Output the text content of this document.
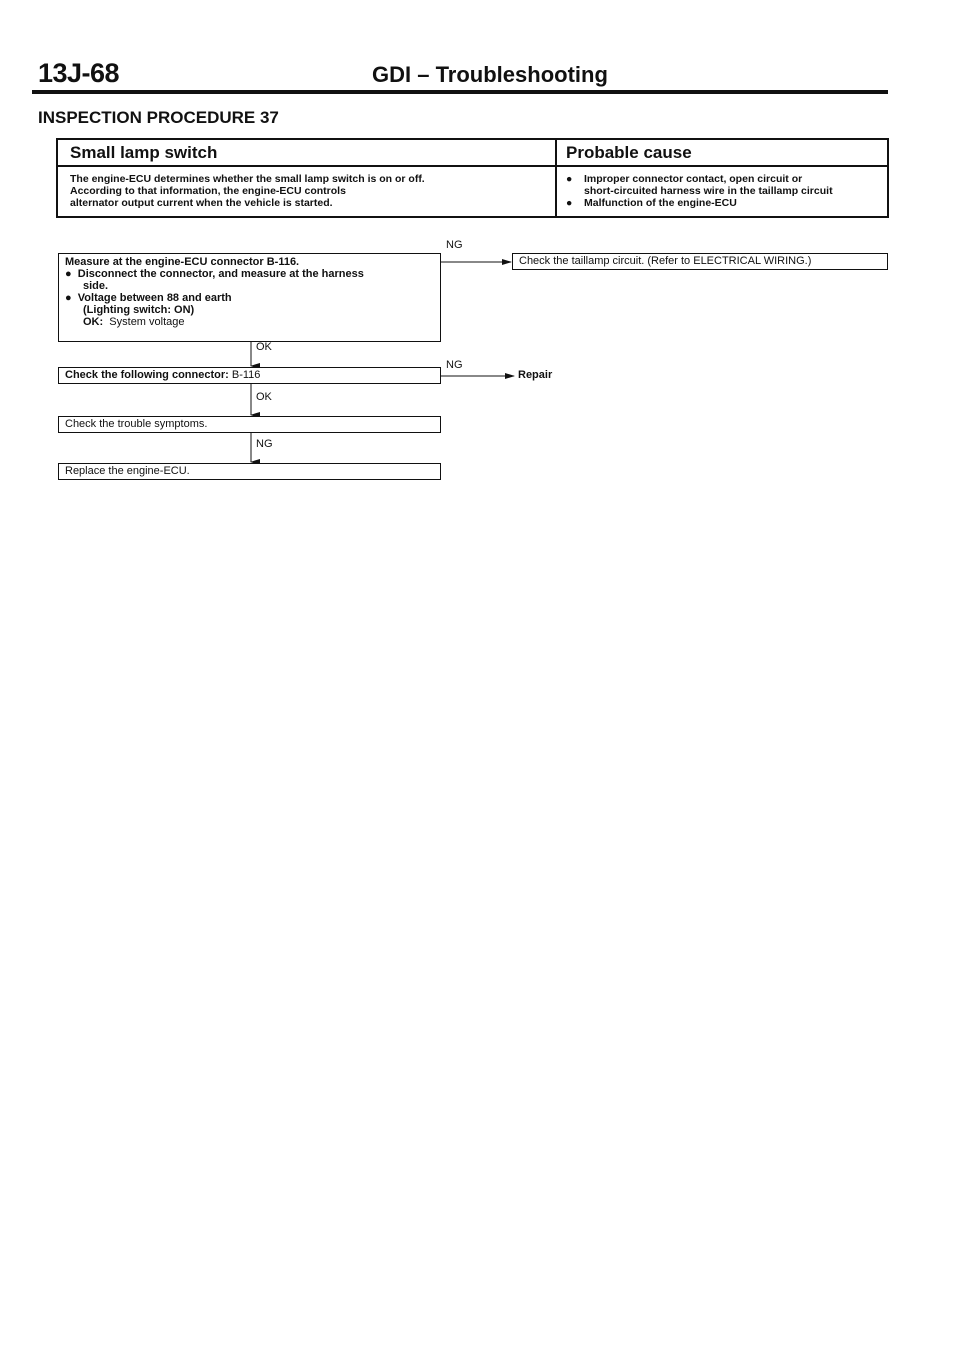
13J-68	GDI – Troubleshooting
INSPECTION PROCEDURE 37
Small lamp switch	Probable cause
The engine-ECU determines whether the small lamp switch is on or off.
According to that information, the engine-ECU controls
alternator output current when the vehicle is started.
●	Improper connector contact, open circuit or
short-circuited harness wire in the taillamp circuit
●	Malfunction of the engine-ECU
Measure at the engine-ECU connector B-116.
● Disconnect the connector, and measure at the harness
side.
● Voltage between 88 and earth
(Lighting switch: ON)
OK: System voltage
NG
Check the taillamp circuit. (Refer to ELECTRICAL WIRING.)
OK
Check the following connector: B-116
NG
Repair
OK
Check the trouble symptoms.
NG
Replace the engine-ECU.
